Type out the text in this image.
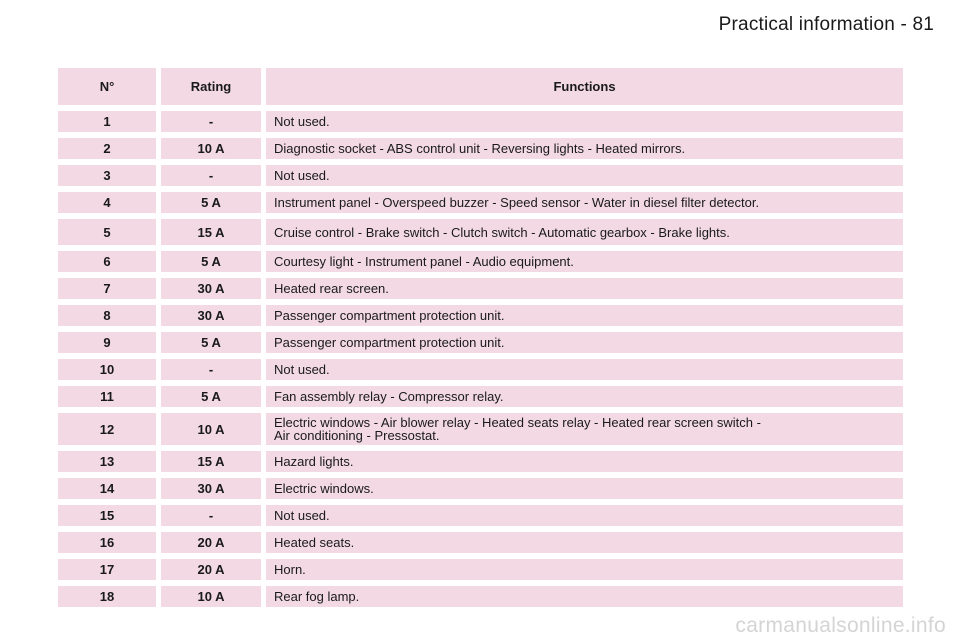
Practical information - 81
N°	Rating	Functions
1	-	Not used.
2	10 A	Diagnostic socket - ABS control unit - Reversing lights - Heated mirrors.
3	-	Not used.
4	5 A	Instrument panel - Overspeed buzzer - Speed sensor - Water in diesel filter detector.
5	15 A	Cruise control - Brake switch - Clutch switch - Automatic gearbox - Brake lights.
6	5 A	Courtesy light - Instrument panel - Audio equipment.
7	30 A	Heated rear screen.
8	30 A	Passenger compartment protection unit.
9	5 A	Passenger compartment protection unit.
10	-	Not used.
11	5 A	Fan assembly relay - Compressor relay.
12	10 A	Electric windows - Air blower relay - Heated seats relay - Heated rear screen switch -
Air conditioning - Pressostat.
13	15 A	Hazard lights.
14	30 A	Electric windows.
15	-	Not used.
16	20 A	Heated seats.
17	20 A	Horn.
18	10 A	Rear fog lamp.
carmanualsonline.info
